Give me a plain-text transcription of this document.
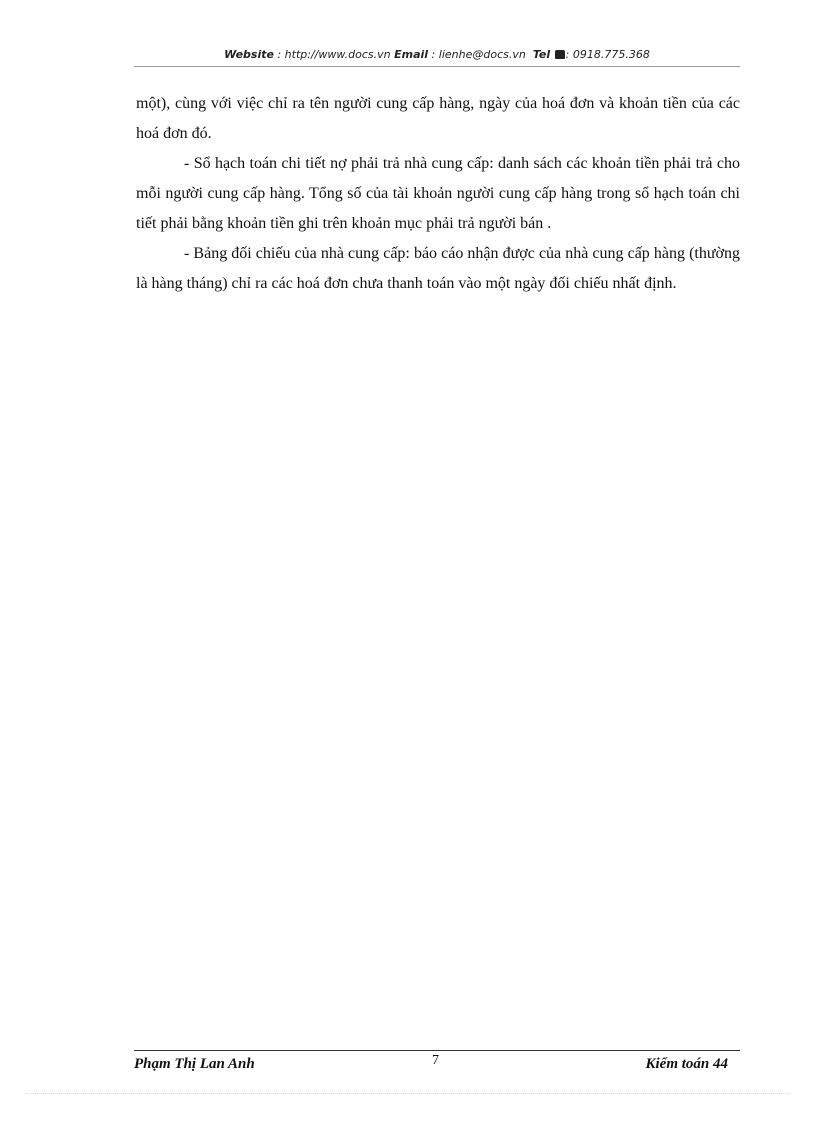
Website : http://www.docs.vn Email : lienhe@docs.vn Tel : 0918.775.368

một), cùng với việc chỉ ra tên người cung cấp hàng, ngày của hoá đơn và khoản tiền của các hoá đơn đó.

- Sổ hạch toán chi tiết nợ phải trả nhà cung cấp: danh sách các khoản tiền phải trả cho mỗi người cung cấp hàng. Tổng số của tài khoản người cung cấp hàng trong sổ hạch toán chi tiết phải bằng khoản tiền ghi trên khoản mục phải trả người bán .

- Bảng đối chiếu của nhà cung cấp: báo cáo nhận được của nhà cung cấp hàng (thường là hàng tháng) chỉ ra các hoá đơn chưa thanh toán vào một ngày đối chiếu nhất định.

Phạm Thị Lan Anh	7	Kiểm toán 44
